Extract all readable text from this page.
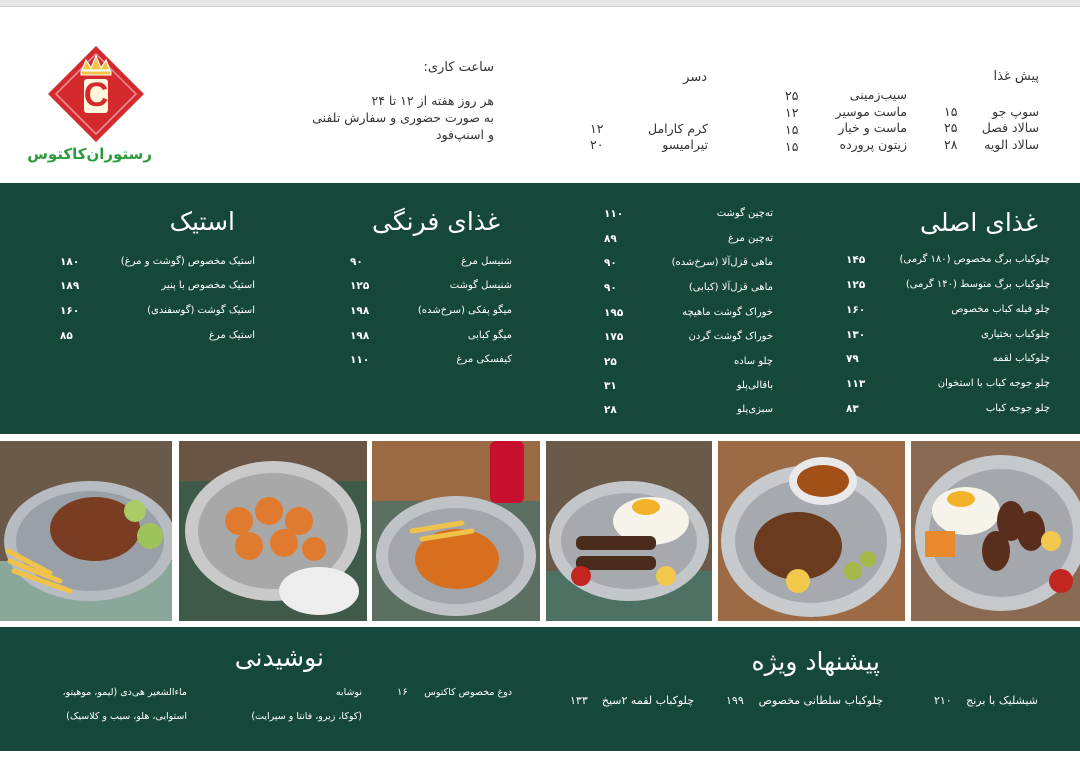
C
رستوران‌کاکتوس
ساعت کاری:
هر روز هفته از ۱۲ تا ۲۴
به صورت حضوری و سفارش تلفنی
و اسنپ‌فود
دسر
کرم کارامل
۱۲
تیرامیسو
۲۰
پیش غذا
سوپ جو
۱۵
سالاد فصل
۲۵
سالاد الویه
۲۸
سیب‌زمینی
۲۵
ماست موسیر
۱۲
ماست و خیار
۱۵
زیتون پرورده
۱۵
غذای اصلی
چلوکباب برگ مخصوص (۱۸۰ گرمی)
۱۴۵
چلوکباب برگ متوسط (۱۴۰ گرمی)
۱۲۵
چلو فیله کباب مخصوص
۱۶۰
چلوکباب بختیاری
۱۳۰
چلوکباب لقمه
۷۹
چلو جوجه کباب با استخوان
۱۱۳
چلو جوجه کباب
۸۳
ته‌چین گوشت
۱۱۰
ته‌چین مرغ
۸۹
ماهی قزل‌آلا (سرخ‌شده)
۹۰
ماهی قزل‌آلا (کبابی)
۹۰
خوراک گوشت ماهیچه
۱۹۵
خوراک گوشت گردن
۱۷۵
چلو ساده
۲۵
باقالی‌پلو
۳۱
سبزی‌پلو
۲۸
غذای فرنگی
شنیسل مرغ
۹۰
شنیسل گوشت
۱۲۵
میگو پفکی (سرخ‌شده)
۱۹۸
میگو کبابی
۱۹۸
کیفسکی مرغ
۱۱۰
استیک
استیک مخصوص (گوشت و مرغ)
۱۸۰
استیک مخصوص با پنیر
۱۸۹
استیک گوشت (گوسفندی)
۱۶۰
استیک مرغ
۸۵
پیشنهاد ویژه
شیشلیک با برنج
۲۱۰
چلوکباب سلطانی مخصوص
۱۹۹
چلوکباب لقمه ۲سیخ
۱۳۳
نوشیدنی
دوغ مخصوص کاکتوس
۱۶
نوشابه
(کوکا، زیرو، فانتا و سپرایت)
ماءالشعیر هی‌دی (لیمو، موهیتو،
استوایی، هلو، سیب و کلاسیک)
